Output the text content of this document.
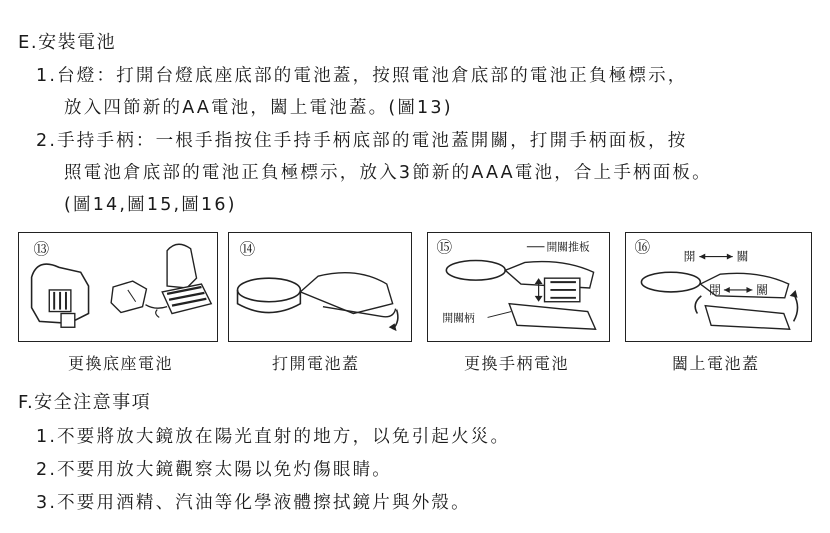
E.安裝電池
1.台燈：打開台燈底座底部的電池蓋，按照電池倉底部的電池正負極標示，
放入四節新的AA電池，闔上電池蓋。(圖13)
2.手持手柄：一根手指按住手持手柄底部的電池蓋開關，打開手柄面板，按
照電池倉底部的電池正負極標示，放入3節新的AAA電池，合上手柄面板。
(圖14,圖15,圖16)
⑬	⑭	⑮	開關推板
開關柄
⑯	開	關
開	關
更換底座電池	打開電池蓋	更換手柄電池	闔上電池蓋
F.安全注意事項
1.不要將放大鏡放在陽光直射的地方，以免引起火災。
2.不要用放大鏡觀察太陽以免灼傷眼睛。
3.不要用酒精、汽油等化學液體擦拭鏡片與外殼。
